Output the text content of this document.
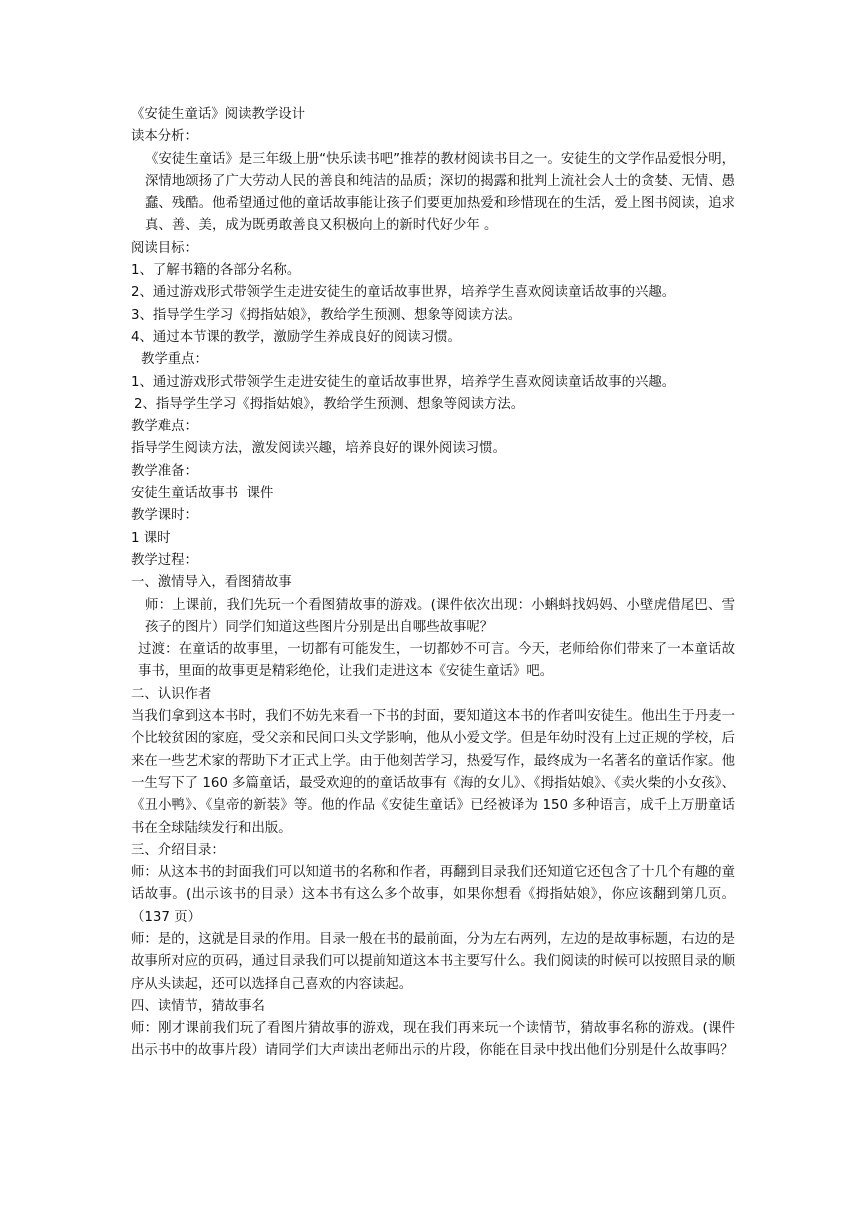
《安徒生童话》阅读教学设计

读本分析：

《安徒生童话》是三年级上册“快乐读书吧”推荐的教材阅读书目之一。安徒生的文学作品爱恨分明，深情地颂扬了广大劳动人民的善良和纯洁的品质；深切的揭露和批判上流社会人士的贪婪、无情、愚蠢、残酷。他希望通过他的童话故事能让孩子们要更加热爱和珍惜现在的生活，爱上图书阅读，追求真、善、美，成为既勇敢善良又积极向上的新时代好少年 。

阅读目标：

1、了解书籍的各部分名称。

2、通过游戏形式带领学生走进安徒生的童话故事世界，培养学生喜欢阅读童话故事的兴趣。

3、指导学生学习《拇指姑娘》，教给学生预测、想象等阅读方法。

4、通过本节课的教学，激励学生养成良好的阅读习惯。

教学重点：

1、通过游戏形式带领学生走进安徒生的童话故事世界，培养学生喜欢阅读童话故事的兴趣。

2、指导学生学习《拇指姑娘》，教给学生预测、想象等阅读方法。

教学难点：

指导学生阅读方法，激发阅读兴趣，培养良好的课外阅读习惯。

教学准备：

安徒生童话故事书  课件

教学课时：

1 课时

教学过程：

一、激情导入，看图猜故事

师：上课前，我们先玩一个看图猜故事的游戏。(课件依次出现：小蝌蚪找妈妈、小壁虎借尾巴、雪孩子的图片）同学们知道这些图片分别是出自哪些故事呢？

过渡：在童话的故事里，一切都有可能发生，一切都妙不可言。今天，老师给你们带来了一本童话故事书，里面的故事更是精彩绝伦，让我们走进这本《安徒生童话》吧。

二、认识作者

当我们拿到这本书时，我们不妨先来看一下书的封面，要知道这本书的作者叫安徒生。他出生于丹麦一个比较贫困的家庭，受父亲和民间口头文学影响，他从小爱文学。但是年幼时没有上过正规的学校，后来在一些艺术家的帮助下才正式上学。由于他刻苦学习，热爱写作，最终成为一名著名的童话作家。他一生写下了 160 多篇童话，最受欢迎的的童话故事有《海的女儿》、《拇指姑娘》、《卖火柴的小女孩》、《丑小鸭》、《皇帝的新装》等。他的作品《安徒生童话》已经被译为 150 多种语言，成千上万册童话书在全球陆续发行和出版。

三、介绍目录：

师：从这本书的封面我们可以知道书的名称和作者，再翻到目录我们还知道它还包含了十几个有趣的童话故事。(出示该书的目录）这本书有这么多个故事，如果你想看《拇指姑娘》，你应该翻到第几页。（137 页）

师：是的，这就是目录的作用。目录一般在书的最前面，分为左右两列，左边的是故事标题，右边的是故事所对应的页码，通过目录我们可以提前知道这本书主要写什么。我们阅读的时候可以按照目录的顺序从头读起，还可以选择自己喜欢的内容读起。

四、读情节，猜故事名

师：刚才课前我们玩了看图片猜故事的游戏，现在我们再来玩一个读情节，猜故事名称的游戏。(课件出示书中的故事片段）请同学们大声读出老师出示的片段，你能在目录中找出他们分别是什么故事吗？
